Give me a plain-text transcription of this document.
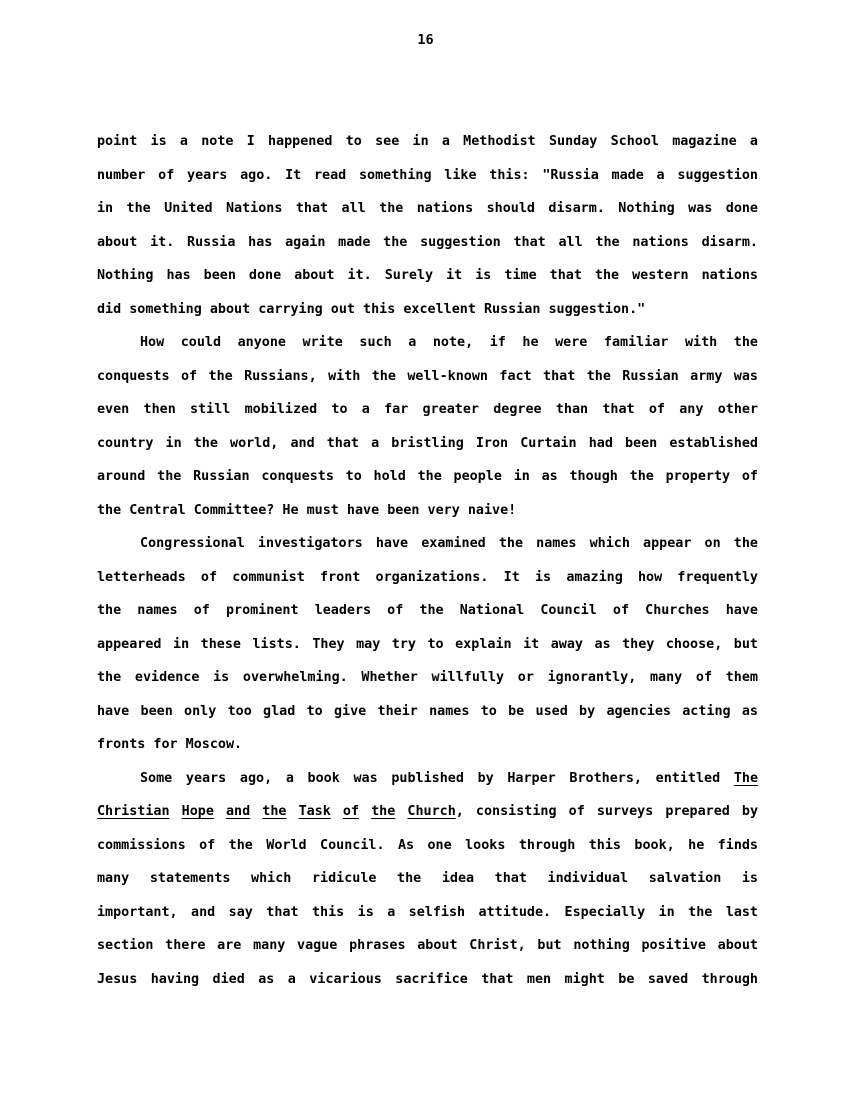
16
point is a note I happened to see in a Methodist Sunday School magazine a
number of years ago. It read something like this: "Russia made a suggestion
in the United Nations that all the nations should disarm. Nothing was done
about it. Russia has again made the suggestion that all the nations disarm.
Nothing has been done about it. Surely it is time that the western nations
did something about carrying out this excellent Russian suggestion."
How could anyone write such a note, if he were familiar with the
conquests of the Russians, with the well-known fact that the Russian army was
even then still mobilized to a far greater degree than that of any other
country in the world, and that a bristling Iron Curtain had been established
around the Russian conquests to hold the people in as though the property of
the Central Committee? He must have been very naive!
Congressional investigators have examined the names which appear on the
letterheads of communist front organizations. It is amazing how frequently
the names of prominent leaders of the National Council of Churches have
appeared in these lists. They may try to explain it away as they choose, but
the evidence is overwhelming. Whether willfully or ignorantly, many of them
have been only too glad to give their names to be used by agencies acting as
fronts for Moscow.
Some years ago, a book was published by Harper Brothers, entitled The
Christian Hope and the Task of the Church, consisting of surveys prepared by
commissions of the World Council. As one looks through this book, he finds
many statements which ridicule the idea that individual salvation is
important, and say that this is a selfish attitude. Especially in the last
section there are many vague phrases about Christ, but nothing positive about
Jesus having died as a vicarious sacrifice that men might be saved through
